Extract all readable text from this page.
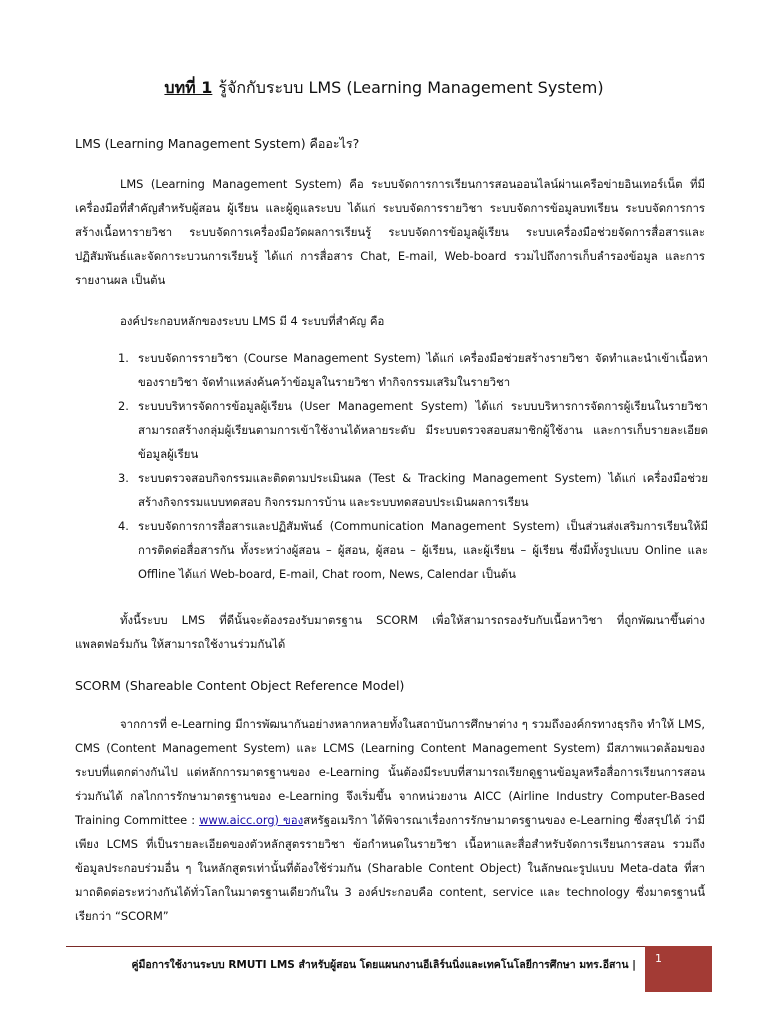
บทที่ 1 รู้จักกับระบบ LMS (Learning Management System)
LMS (Learning Management System) คืออะไร?
LMS (Learning Management System) คือ ระบบจัดการการเรียนการสอนออนไลน์ผ่านเครือข่ายอินเทอร์เน็ต ที่มีเครื่องมือที่สำคัญสำหรับผู้สอน ผู้เรียน และผู้ดูแลระบบ ได้แก่ ระบบจัดการรายวิชา ระบบจัดการข้อมูลบทเรียน ระบบจัดการการสร้างเนื้อหารายวิชา ระบบจัดการเครื่องมือวัดผลการเรียนรู้ ระบบจัดการข้อมูลผู้เรียน ระบบเครื่องมือช่วยจัดการสื่อสารและปฏิสัมพันธ์และจัดการะบวนการเรียนรู้ ได้แก่ การสื่อสาร Chat, E-mail, Web-board รวมไปถึงการเก็บลำรองข้อมูล และการรายงานผล เป็นต้น
องค์ประกอบหลักของระบบ LMS มี 4 ระบบที่สำคัญ คือ
1. ระบบจัดการรายวิชา (Course Management System) ได้แก่ เครื่องมือช่วยสร้างรายวิชา จัดทำและนำเข้าเนื้อหาของรายวิชา จัดทำแหล่งค้นคว้าข้อมูลในรายวิชา ทำกิจกรรมเสริมในรายวิชา
2. ระบบบริหารจัดการข้อมูลผู้เรียน (User Management System) ได้แก่ ระบบบริหารการจัดการผู้เรียนในรายวิชา สามารถสร้างกลุ่มผู้เรียนตามการเข้าใช้งานได้หลายระดับ มีระบบตรวจสอบสมาชิกผู้ใช้งาน และการเก็บรายละเอียดข้อมูลผู้เรียน
3. ระบบตรวจสอบกิจกรรมและติดตามประเมินผล (Test & Tracking Management System) ได้แก่ เครื่องมือช่วยสร้างกิจกรรมแบบทดสอบ กิจกรรมการบ้าน และระบบทดสอบประเมินผลการเรียน
4. ระบบจัดการการสื่อสารและปฏิสัมพันธ์ (Communication Management System) เป็นส่วนส่งเสริมการเรียนให้มีการติดต่อสื่อสารกัน ทั้งระหว่างผู้สอน – ผู้สอน, ผู้สอน – ผู้เรียน, และผู้เรียน – ผู้เรียน ซึ่งมีทั้งรูปแบบ Online และ Offline ได้แก่ Web-board, E-mail, Chat room, News, Calendar เป็นต้น
ทั้งนี้ระบบ LMS ที่ดีนั้นจะต้องรองรับมาตรฐาน SCORM เพื่อให้สามารถรองรับกับเนื้อหาวิชา ที่ถูกพัฒนาขึ้นต่างแพลตฟอร์มกัน ให้สามารถใช้งานร่วมกันได้
SCORM (Shareable Content Object Reference Model)
จากการที่ e-Learning มีการพัฒนากันอย่างหลากหลายทั้งในสถาบันการศึกษาต่าง ๆ รวมถึงองค์กรทางธุรกิจ ทำให้ LMS, CMS (Content Management System) และ LCMS (Learning Content Management System) มีสภาพแวดล้อมของระบบที่แตกต่างกันไป แต่หลักการมาตรฐานของ e-Learning นั้นต้องมีระบบที่สามารถเรียกดูฐานข้อมูลหรือสื่อการเรียนการสอนร่วมกันได้ กลไกการรักษามาตรฐานของ e-Learning จึงเริ่มขึ้น จากหน่วยงาน AICC (Airline Industry Computer-Based Training Committee : www.aicc.org) ของสหรัฐอเมริกา ได้พิจารณาเรื่องการรักษามาตรฐานของ e-Learning ซึ่งสรุปได้ ว่ามีเพียง LCMS ที่เป็นรายละเอียดของตัวหลักสูตรรายวิชา ข้อกำหนดในรายวิชา เนื้อหาและสื่อสำหรับจัดการเรียนการสอน รวมถึงข้อมูลประกอบร่วมอื่น ๆ ในหลักสูตรเท่านั้นที่ต้องใช้ร่วมกัน (Sharable Content Object) ในลักษณะรูปแบบ Meta-data ที่สามาถติดต่อระหว่างกันได้ทั่วโลกในมาตรฐานเดียวกันใน 3 องค์ประกอบคือ content, service และ technology ซึ่งมาตรฐานนี้เรียกว่า “SCORM”
คู่มือการใช้งานระบบ RMUTI LMS สำหรับผู้สอน โดยแผนกงานอีเลิร์นนิ่งและเทคโนโลยีการศึกษา มทร.อีสาน | 1
